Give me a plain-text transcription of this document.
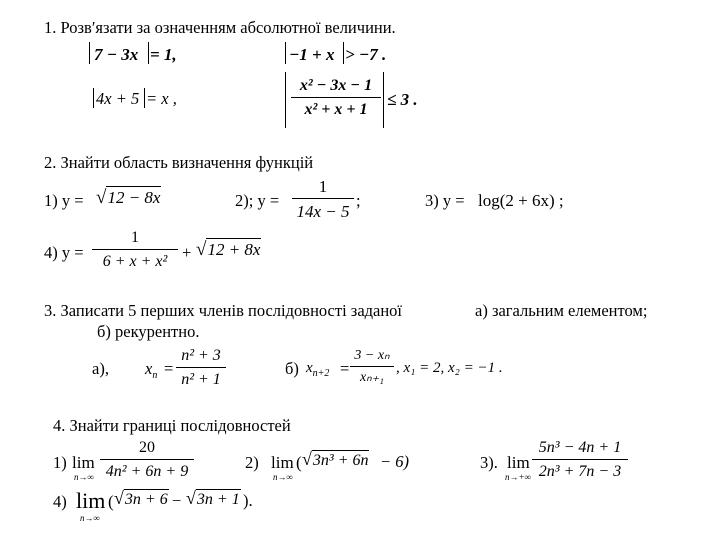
1. Розв′язати за означенням абсолютної величини.
7 − 3x = 1,	−1 + x > −7 .
4x + 5 = x ,
x² − 3x − 1
x² + x + 1
≤ 3 .
2. Знайти область визначення функцій
1) y = √12 − 8x	2); y =
1
14x − 5
;	3) y = log(2 + 6x) ;
4) y =
1
6 + x + x² + √12 + 8x
3. Записати 5 перших членів послідовності заданої	а) загальним елементом;
б) рекурентно.
а), $x_n$ =
n² + 3
n² + 1
б) $x_{n+2}$ =
3 − xₙ
xₙ₊₁
, x₁ = 2, x₂ = −1 .
4. Знайти границі послідовностей
1) lim
n→∞
20
4n² + 6n + 9	2) lim
n→∞
( √3n³ + 6n − 6)	3). lim
n→+∞
5n³ − 4n + 1
2n³ + 7n − 3
4) lim
n→∞
( √3n + 6 − √3n + 1 ).
